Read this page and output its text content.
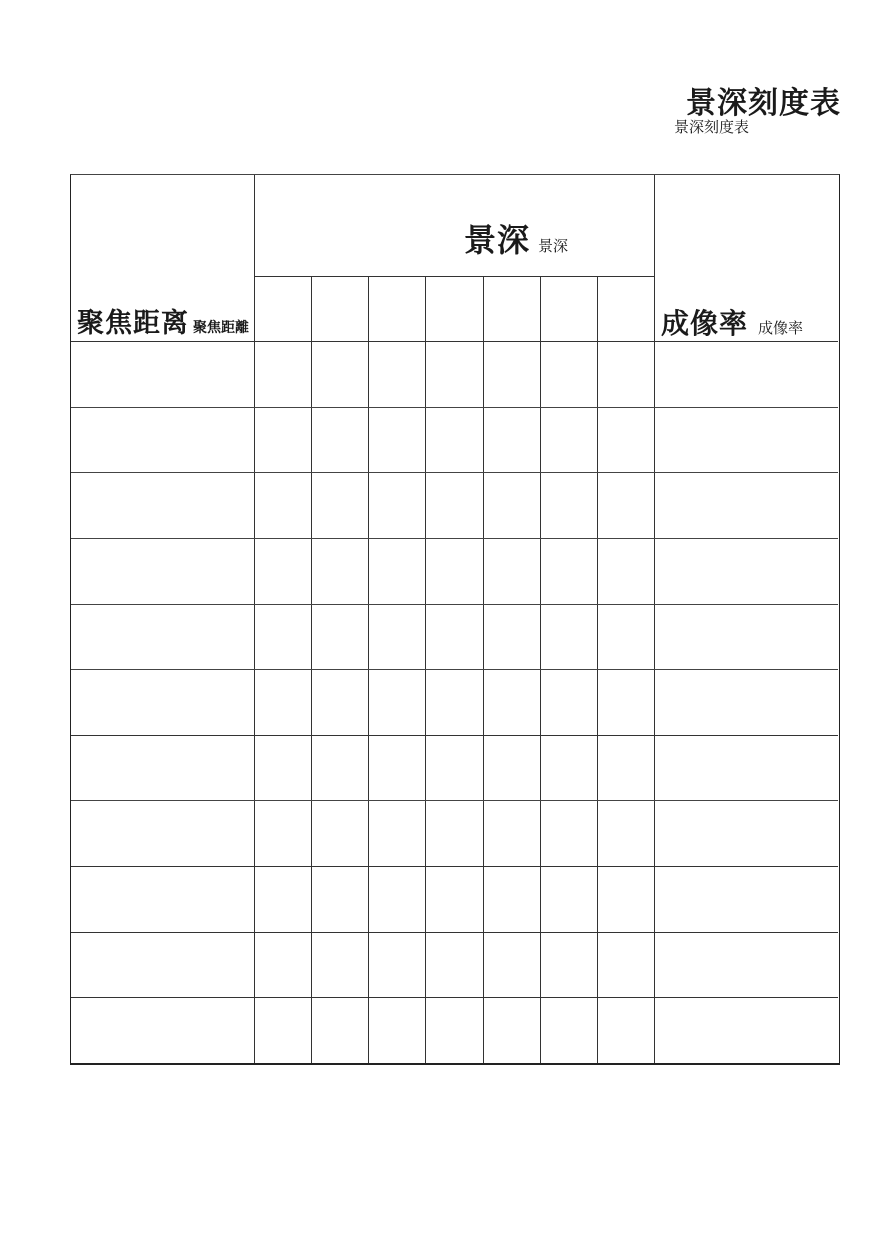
景深刻度表
景深刻度表
聚焦距离 聚焦距離
景深 景深
成像率 成像率
